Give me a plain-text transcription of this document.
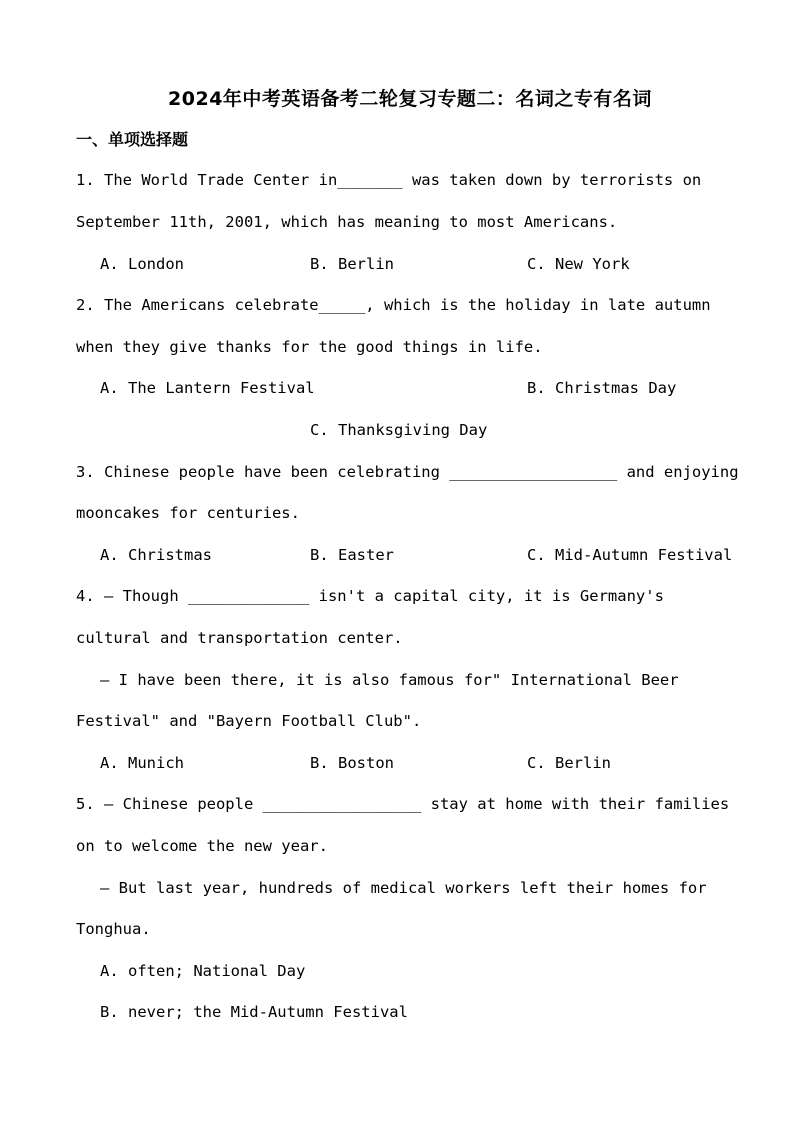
2024年中考英语备考二轮复习专题二：名词之专有名词
一、单项选择题
1. The World Trade Center in_______ was taken down by terrorists on
September 11th, 2001, which has meaning to most Americans.
A. London	B. Berlin	C. New York
2. The Americans celebrate_____, which is the holiday in late autumn
when they give thanks for the good things in life.
A. The Lantern Festival	B. Christmas Day
C. Thanksgiving Day
3. Chinese people have been celebrating __________________ and enjoying
mooncakes for centuries.
A. Christmas	B. Easter	C. Mid-Autumn Festival
4. — Though _____________ isn't a capital city, it is Germany's
cultural and transportation center.
— I have been there, it is also famous for" International Beer
Festival" and "Bayern Football Club".
A. Munich	B. Boston	C. Berlin
5. — Chinese people _________________ stay at home with their families
on to welcome the new year.
— But last year, hundreds of medical workers left their homes for
Tonghua.
A. often; National Day
B. never; the Mid-Autumn Festival
